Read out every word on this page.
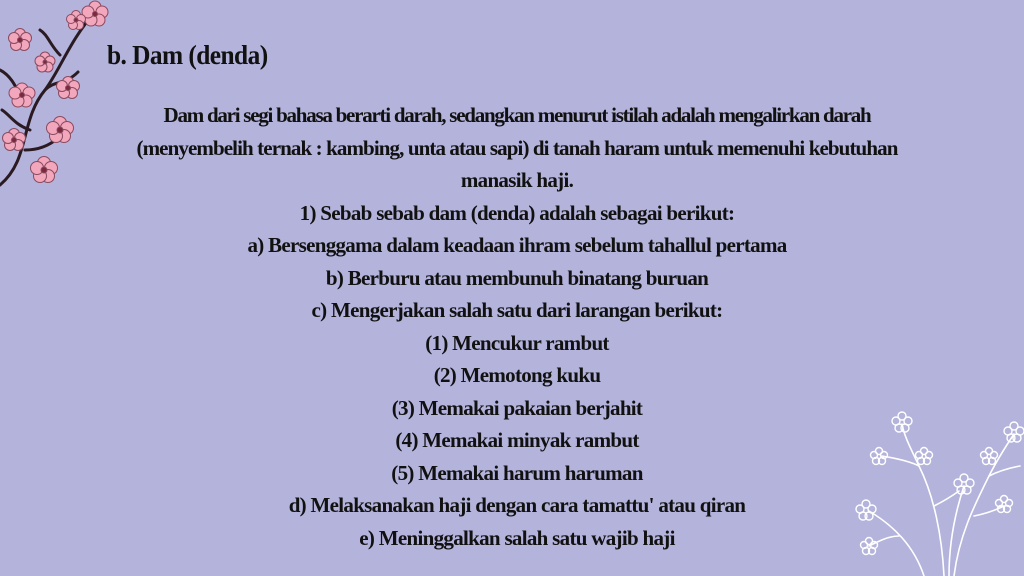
b. Dam (denda)
Dam dari segi bahasa berarti darah, sedangkan menurut istilah adalah mengalirkan darah
(menyembelih ternak : kambing, unta atau sapi) di tanah haram untuk memenuhi kebutuhan
manasik haji.
1) Sebab sebab dam (denda) adalah sebagai berikut:
a) Bersenggama dalam keadaan ihram sebelum tahallul pertama
b) Berburu atau membunuh binatang buruan
c) Mengerjakan salah satu dari larangan berikut:
(1) Mencukur rambut
(2) Memotong kuku
(3) Memakai pakaian berjahit
(4) Memakai minyak rambut
(5) Memakai harum haruman
d) Melaksanakan haji dengan cara tamattu' atau qiran
e) Meninggalkan salah satu wajib haji
